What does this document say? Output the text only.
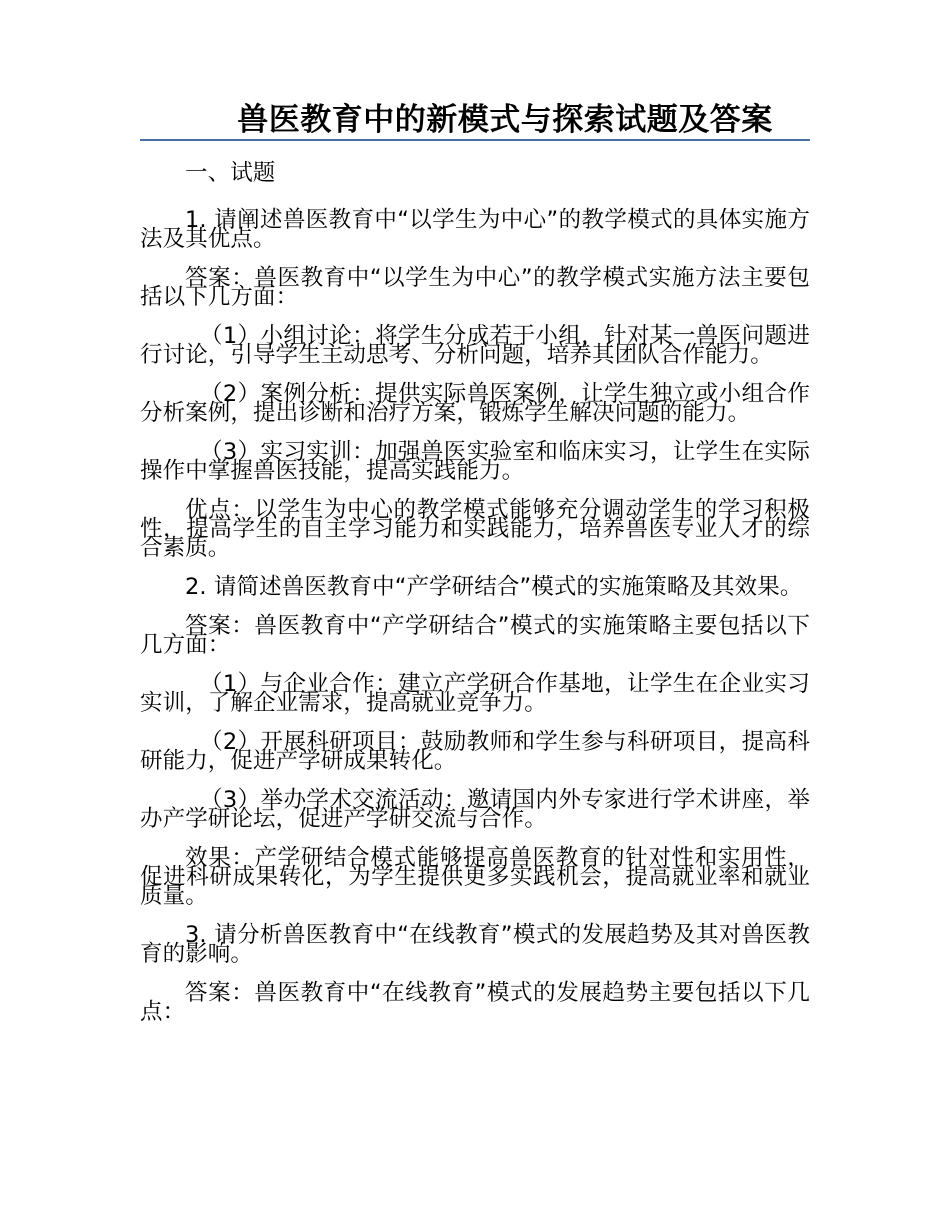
兽医教育中的新模式与探索试题及答案

一、试题

1. 请阐述兽医教育中“以学生为中心”的教学模式的具体实施方法及其优点。

答案：兽医教育中“以学生为中心”的教学模式实施方法主要包括以下几方面：

（1）小组讨论：将学生分成若干小组，针对某一兽医问题进行讨论，引导学生主动思考、分析问题，培养其团队合作能力。

（2）案例分析：提供实际兽医案例，让学生独立或小组合作分析案例，提出诊断和治疗方案，锻炼学生解决问题的能力。

（3）实习实训：加强兽医实验室和临床实习，让学生在实际操作中掌握兽医技能，提高实践能力。

优点：以学生为中心的教学模式能够充分调动学生的学习积极性，提高学生的自主学习能力和实践能力，培养兽医专业人才的综合素质。

2. 请简述兽医教育中“产学研结合”模式的实施策略及其效果。

答案：兽医教育中“产学研结合”模式的实施策略主要包括以下几方面：

（1）与企业合作：建立产学研合作基地，让学生在企业实习实训，了解企业需求，提高就业竞争力。

（2）开展科研项目：鼓励教师和学生参与科研项目，提高科研能力，促进产学研成果转化。

（3）举办学术交流活动：邀请国内外专家进行学术讲座，举办产学研论坛，促进产学研交流与合作。

效果：产学研结合模式能够提高兽医教育的针对性和实用性，促进科研成果转化，为学生提供更多实践机会，提高就业率和就业质量。

3. 请分析兽医教育中“在线教育”模式的发展趋势及其对兽医教育的影响。

答案：兽医教育中“在线教育”模式的发展趋势主要包括以下几点：
